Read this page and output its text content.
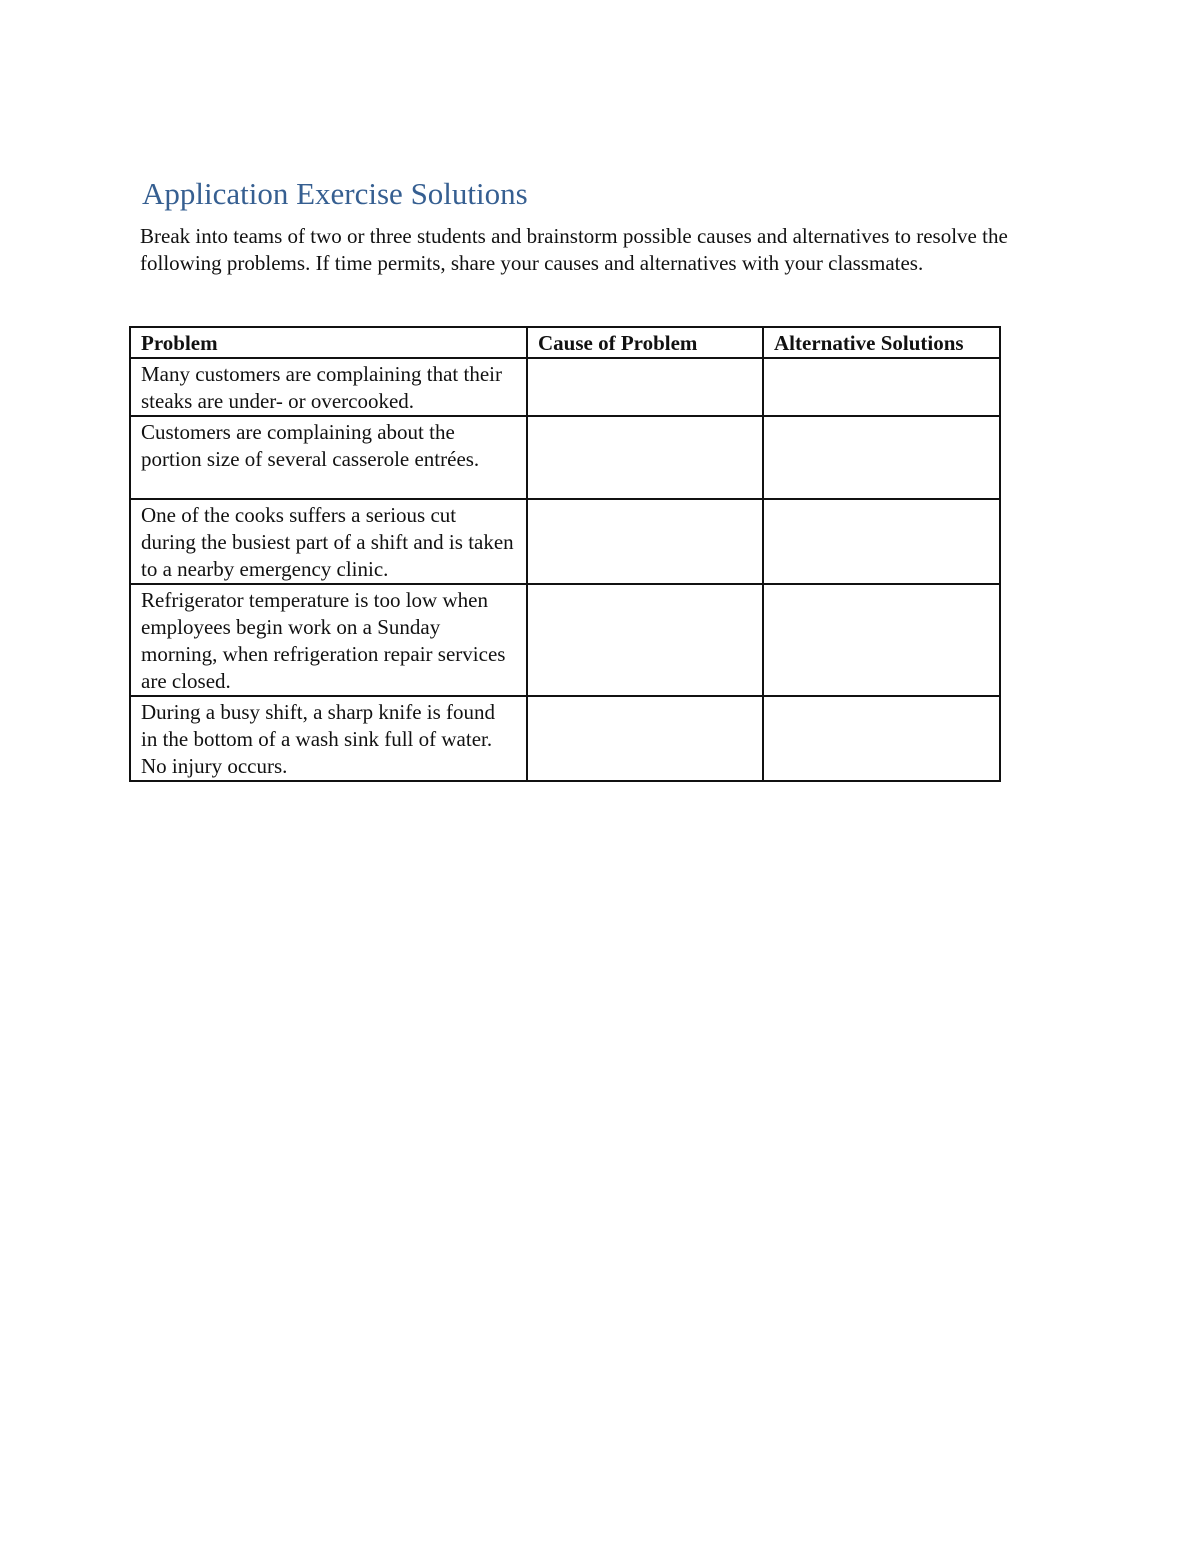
Application Exercise Solutions

Break into teams of two or three students and brainstorm possible causes and alternatives to resolve the following problems. If time permits, share your causes and alternatives with your classmates.

Problem	Cause of Problem	Alternative Solutions
Many customers are complaining that their steaks are under- or overcooked.		
Customers are complaining about the portion size of several casserole entrées.		
One of the cooks suffers a serious cut during the busiest part of a shift and is taken to a nearby emergency clinic.		
Refrigerator temperature is too low when employees begin work on a Sunday morning, when refrigeration repair services are closed.		
During a busy shift, a sharp knife is found in the bottom of a wash sink full of water. No injury occurs.		
